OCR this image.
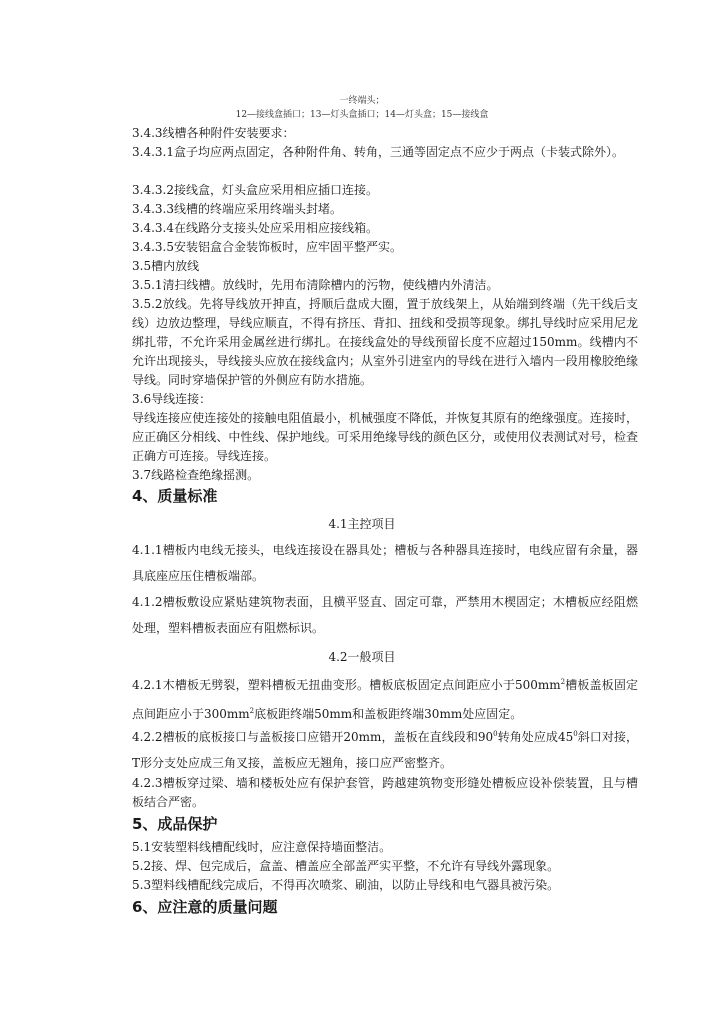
一终端头；
12—接线盒插口；13—灯头盒插口；14—灯头盒；15—接线盒
3.4.3线槽各种附件安装要求：
3.4.3.1盒子均应两点固定，各种附件角、转角，三通等固定点不应少于两点（卡装式除外）。
3.4.3.2接线盒，灯头盒应采用相应插口连接。
3.4.3.3线槽的终端应采用终端头封堵。
3.4.3.4在线路分支接头处应采用相应接线箱。
3.4.3.5安装铝盒合金装饰板时，应牢固平整严实。
3.5槽内放线
3.5.1清扫线槽。放线时，先用布清除槽内的污物，使线槽内外清洁。
3.5.2放线。先将导线放开抻直，捋顺后盘成大圈，置于放线架上，从始端到终端（先干线后支线）边放边整理，导线应顺直，不得有挤压、背扣、扭线和受损等现象。绑扎导线时应采用尼龙绑扎带，不允许采用金属丝进行绑扎。在接线盒处的导线预留长度不应超过150mm。线槽内不允许出现接头，导线接头应放在接线盒内；从室外引进室内的导线在进行入墙内一段用橡胶绝缘导线。同时穿墙保护管的外侧应有防水措施。
3.6导线连接：
导线连接应使连接处的接触电阻值最小，机械强度不降低，并恢复其原有的绝缘强度。连接时，应正确区分相线、中性线、保护地线。可采用绝缘导线的颜色区分，或使用仪表测试对号，检查正确方可连接。导线连接。
3.7线路检查绝缘摇测。
4、质量标准
4.1主控项目
4.1.1槽板内电线无接头，电线连接设在器具处；槽板与各种器具连接时，电线应留有余量，器具底座应压住槽板端部。
4.1.2槽板敷设应紧贴建筑物表面，且横平竖直、固定可靠，严禁用木楔固定；木槽板应经阻燃处理，塑料槽板表面应有阻燃标识。
4.2一般项目
4.2.1木槽板无劈裂，塑料槽板无扭曲变形。槽板底板固定点间距应小于$500mm^2$槽板盖板固定点间距应小于$300mm^2$底板距终端50mm和盖板距终端30mm处应固定。
4.2.2槽板的底板接口与盖板接口应错开20mm，盖板在直线段和$90^0$转角处应成$45^0$斜口对接，T形分支处应成三角叉接，盖板应无翘角，接口应严密整齐。
4.2.3槽板穿过梁、墙和楼板处应有保护套管，跨越建筑物变形缝处槽板应设补偿装置，且与槽板结合严密。
5、成品保护
5.1安装塑料线槽配线时，应注意保持墙面整洁。
5.2接、焊、包完成后，盒盖、槽盖应全部盖严实平整，不允许有导线外露现象。
5.3塑料线槽配线完成后，不得再次喷浆、刷油，以防止导线和电气器具被污染。
6、应注意的质量问题
